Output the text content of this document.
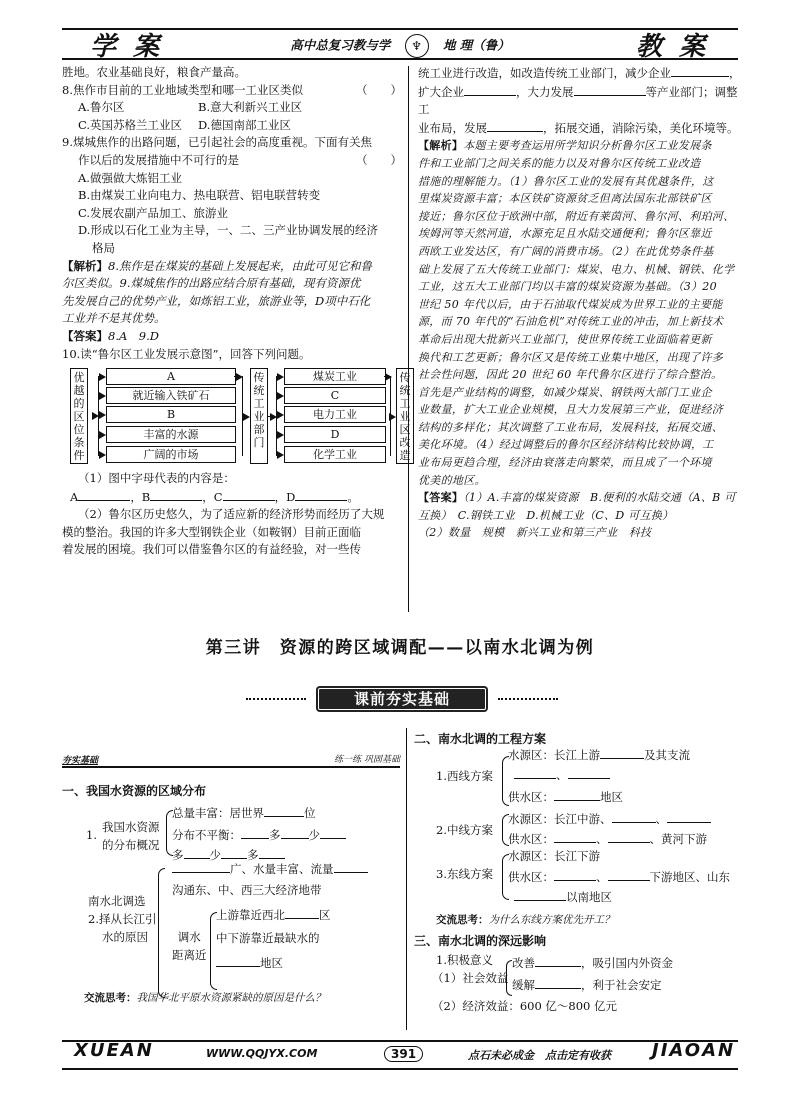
学 案	高中总复习教与学 ♆ 地 理（鲁）	教 案

胜地。农业基础良好，粮食产量高。

8.焦作市目前的工业地域类型和哪一工业区类似	（　　）

A.鲁尔区	B.意大利新兴工业区

C.英国苏格兰工业区 D.德国南部工业区

9.煤城焦作的出路问题，已引起社会的高度重视。下面有关焦

作以后的发展措施中不可行的是	（　　）

A.做强做大炼铝工业

B.由煤炭工业向电力、热电联营、铝电联营转变

C.发展农副产品加工、旅游业

D.形成以石化工业为主导，一、二、三产业协调发展的经济

格局

【解析】8.焦作是在煤炭的基础上发展起来，由此可见它和鲁

尔区类似。9.煤城焦作的出路应结合原有基础，现有资源优

先发展自己的优势产业，如炼铝工业，旅游业等，D项中石化

工业并不是其优势。

【答案】8.A　9.D

10.读“鲁尔区工业发展示意图”，回答下列问题。

优越的区位条件
A
就近输入铁矿石
B
丰富的水源
广阔的市场
传统工业部门
煤炭工业
C
电力工业
D
化学工业
传统工业区改造

（1）图中字母代表的内容是：

A	，B	，C	，D	。

（2）鲁尔区历史悠久，为了适应新的经济形势而经历了大规

模的整治。我国的许多大型钢铁企业（如鞍钢）目前正面临

着发展的困境。我们可以借鉴鲁尔区的有益经验，对一些传

统工业进行改造，如改造传统工业部门，减少企业	，

扩大企业	，大力发展	等产业部门；调整工

业布局，发展	，拓展交通，消除污染，美化环境等。

【解析】本题主要考查运用所学知识分析鲁尔区工业发展条

件和工业部门之间关系的能力以及对鲁尔区传统工业改造

措施的理解能力。（1）鲁尔区工业的发展有其优越条件，这

里煤炭资源丰富；本区铁矿资源贫乏但离法国东北部铁矿区

接近；鲁尔区位于欧洲中部，附近有莱茵河、鲁尔河、利珀河、

埃姆河等天然河道，水源充足且水陆交通便利；鲁尔区靠近

西欧工业发达区，有广阔的消费市场。（2）在此优势条件基

础上发展了五大传统工业部门：煤炭、电力、机械、钢铁、化学

工业，这五大工业部门均以丰富的煤炭资源为基础。（3）20

世纪 50 年代以后，由于石油取代煤炭成为世界工业的主要能

源，而 70 年代的“石油危机”对传统工业的冲击，加上新技术

革命后出现大批新兴工业部门，使世界传统工业面临着更新

换代和工艺更新；鲁尔区又是传统工业集中地区，出现了许多

社会性问题，因此 20 世纪 60 年代鲁尔区进行了综合整治。

首先是产业结构的调整，如减少煤炭、钢铁两大部门工业企

业数量，扩大工业企业规模，且大力发展第三产业，促进经济

结构的多样化；其次调整了工业布局，发展科技，拓展交通、

美化环境。（4）经过调整后的鲁尔区经济结构比较协调，工

业布局更趋合理，经济由衰落走向繁荣，而且成了一个环境

优美的地区。

【答案】（1）A.丰富的煤炭资源　B.便利的水陆交通（A、B 可

互换）　C.钢铁工业　D.机械工业（C、D 可互换）

（2）数量　规模　新兴工业和第三产业　科技

第三讲　资源的跨区域调配——以南水北调为例
课前夯实基础
夯实基础	练一练 巩固基础
一、我国水资源的区域分布
1.
我国水资源
的分布概况
总量丰富：居世界	位
分布不平衡： 多 少
多 少 多
南水北调选
2.择从长江引
水的原因
广、水量丰富、流量
沟通东、中、西三大经济地带
调水
距离近
上游靠近西北	区
中下游靠近最缺水的
地区
交流思考：我国华北平原水资源紧缺的原因是什么？
二、南水北调的工程方案
1.西线方案
水源区：长江上游	及其支流
、
供水区：	地区
2.中线方案
水源区：长江中游、	、
供水区：	、	、黄河下游
3.东线方案
水源区：长江下游
供水区：	、	下游地区、山东
以南地区
交流思考：为什么东线方案优先开工？
三、南水北调的深远影响
1.积极意义
（1）社会效益
改善	，吸引国内外资金
缓解	，利于社会安定
（2）经济效益：600 亿～800 亿元
XUEAN	WWW.QQJYX.COM	391	点石未必成金　点击定有收获 JIAOAN
